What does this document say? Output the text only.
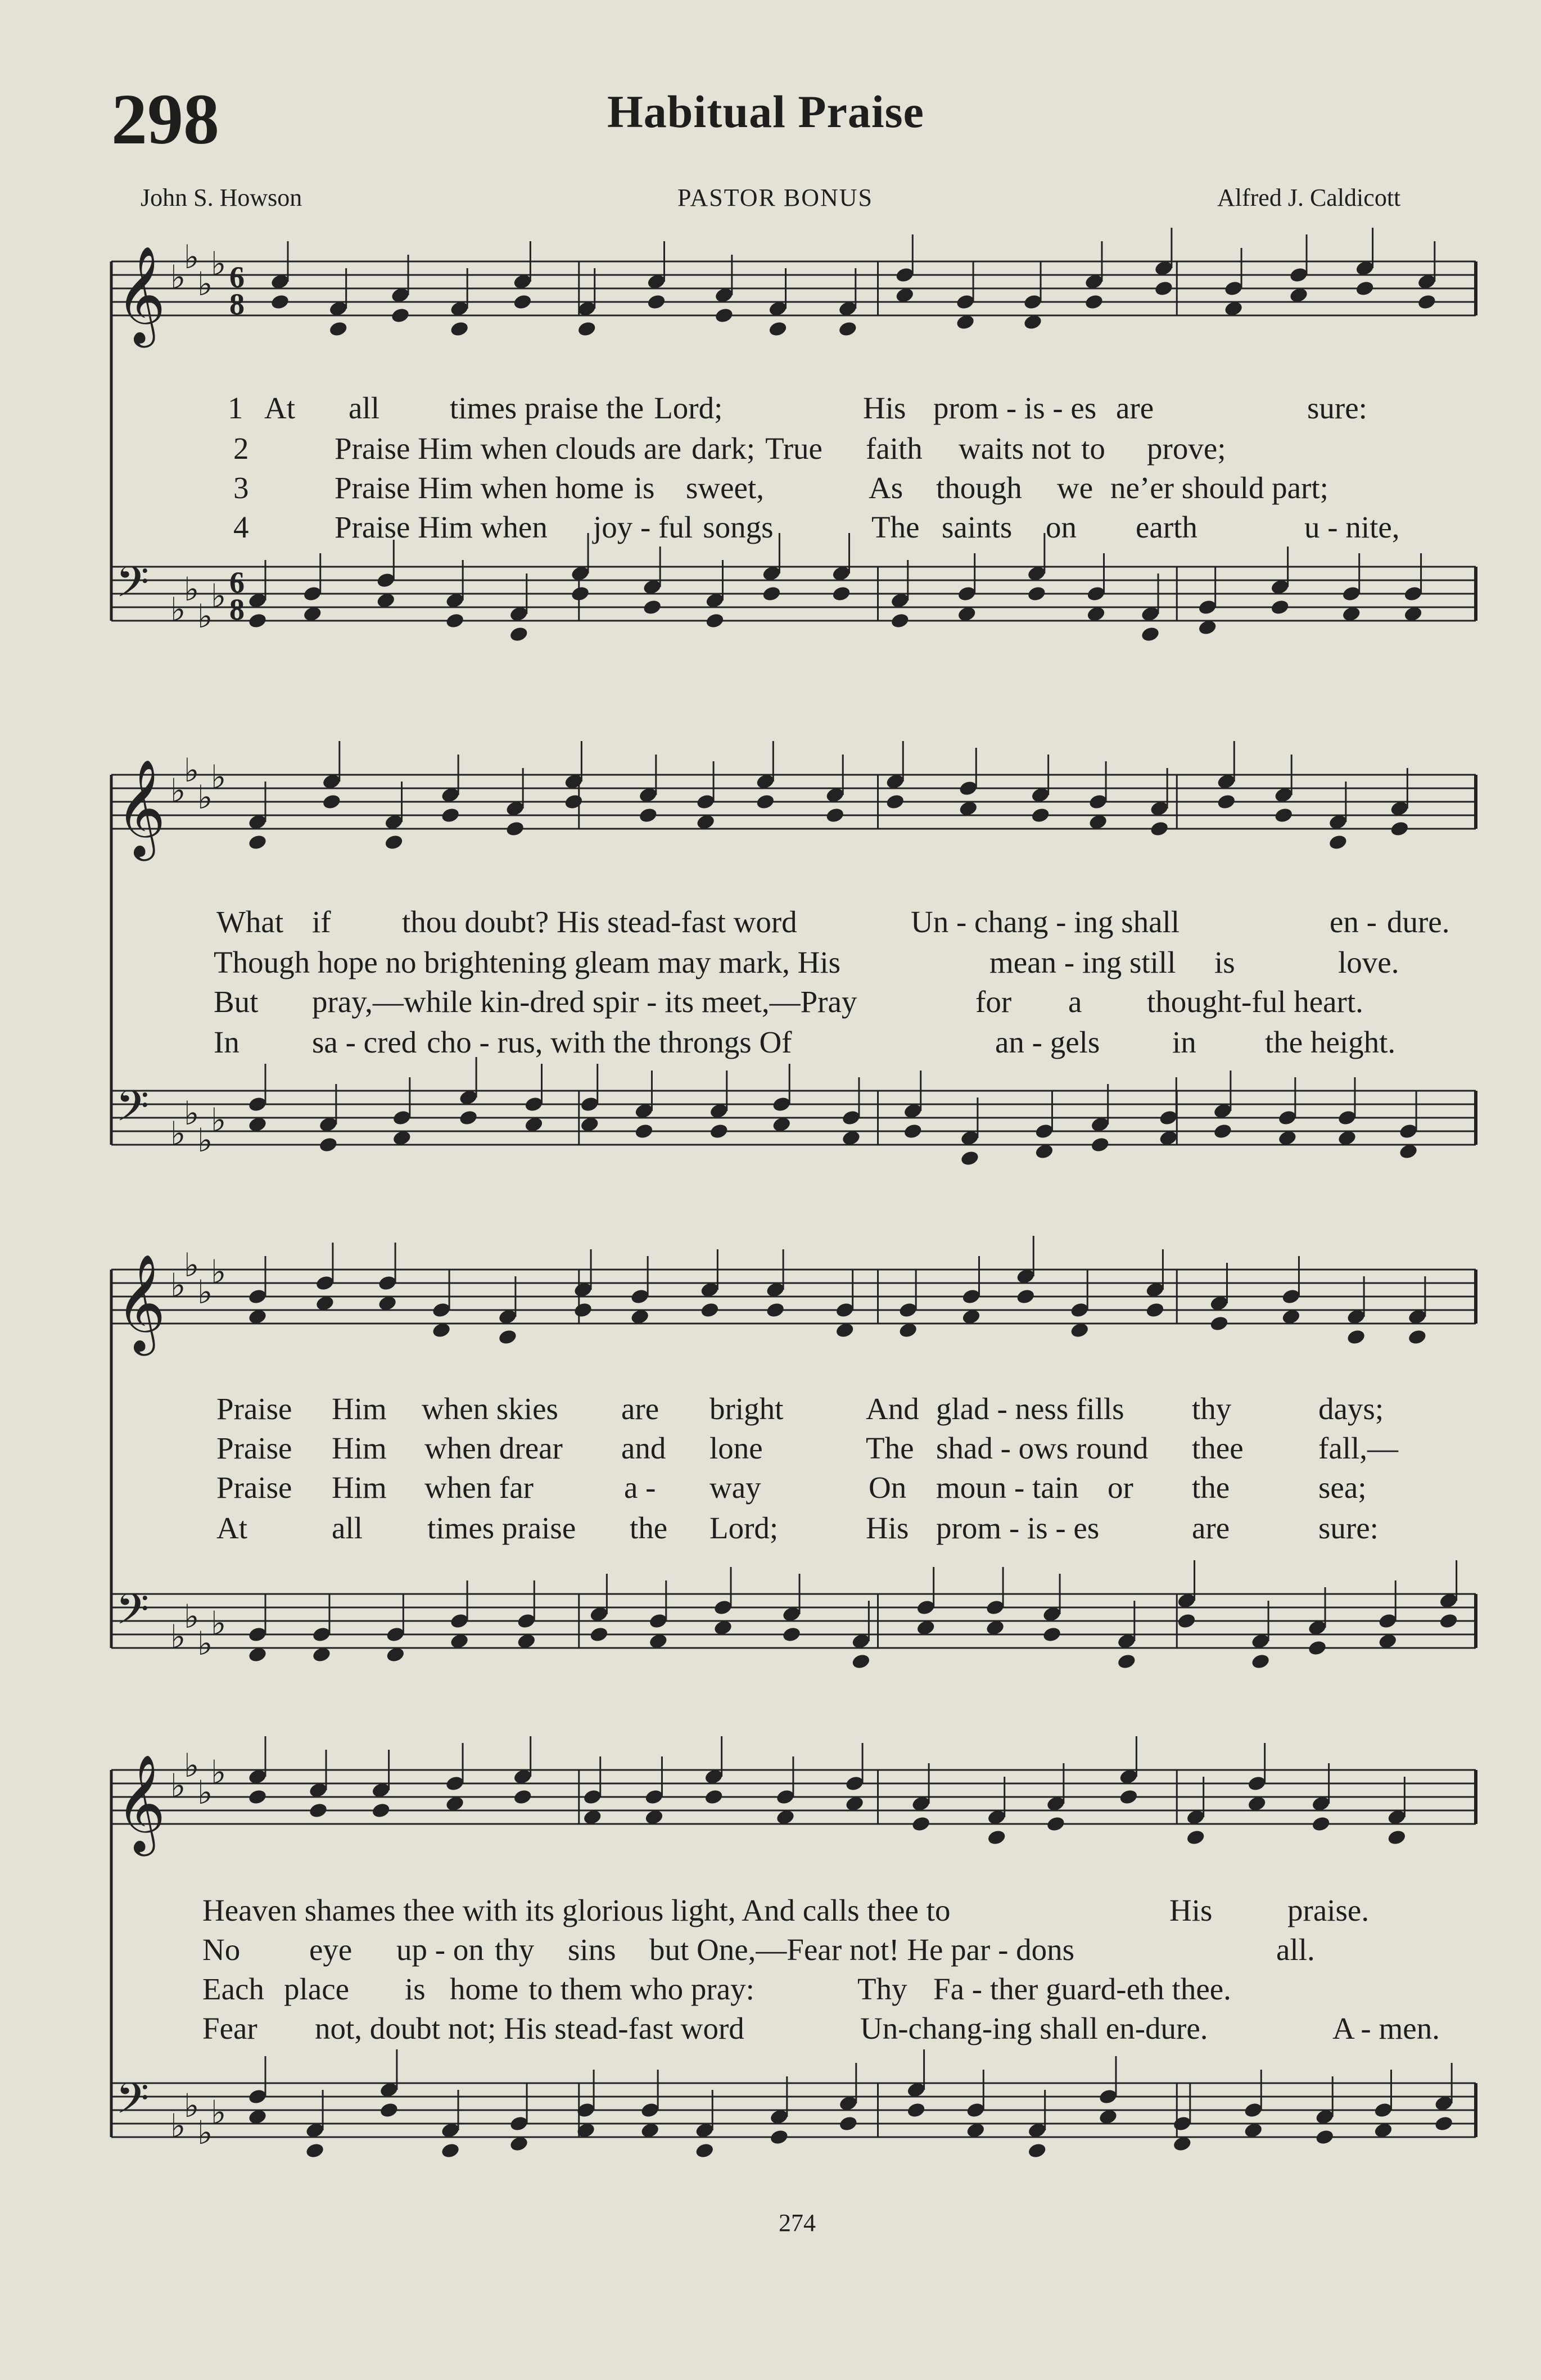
298	Habitual Praise
John S. Howson	PASTOR BONUS	Alfred J. Caldicott
𝄞 ♭
♭
♭
♭ 6
8
𝄢 ♭
♭
♭
♭ 6
8
𝄞 ♭
♭
♭
♭
𝄢 ♭
♭
♭
♭
𝄞 ♭
♭
♭
♭
𝄢 ♭
♭
♭
♭
𝄞 ♭
♭
♭
♭
𝄢 ♭
♭
♭
♭
1 At all times praise the Lord;	His prom - is - es are	sure:
2	Praise Him when clouds are dark; True faith waits not to prove;
3	Praise Him when home is sweet,	As though we ne’er should part;
4	Praise Him when joy - ful songs	The saints on earth	u - nite,
What if thou doubt? His stead-fast word	Un - chang - ing shall	en - dure.
Though hope no brightening gleam may mark, His	mean - ing still is	love.
But pray,—while kin-dred spir - its meet,—Pray	for a thought-ful heart.
In sa - cred cho - rus, with the throngs Of	an - gels in the height.
Praise Him when skies are bright	And glad - ness fills thy	days;
Praise Him when drear and lone	The shad - ows round thee fall,—
Praise Him when far	a - way	On moun - tain or the	sea;
At	all times praise the Lord;	His prom - is - es	are	sure:
Heaven shames thee with its glorious light, And calls thee to	His praise.
No eye up - on thy sins but One,—Fear not! He par - dons	all.
Each place is home to them who pray:	Thy Fa - ther guard-eth thee.
Fear not, doubt not; His stead-fast word	Un-chang-ing shall en-dure.	A - men.
274
